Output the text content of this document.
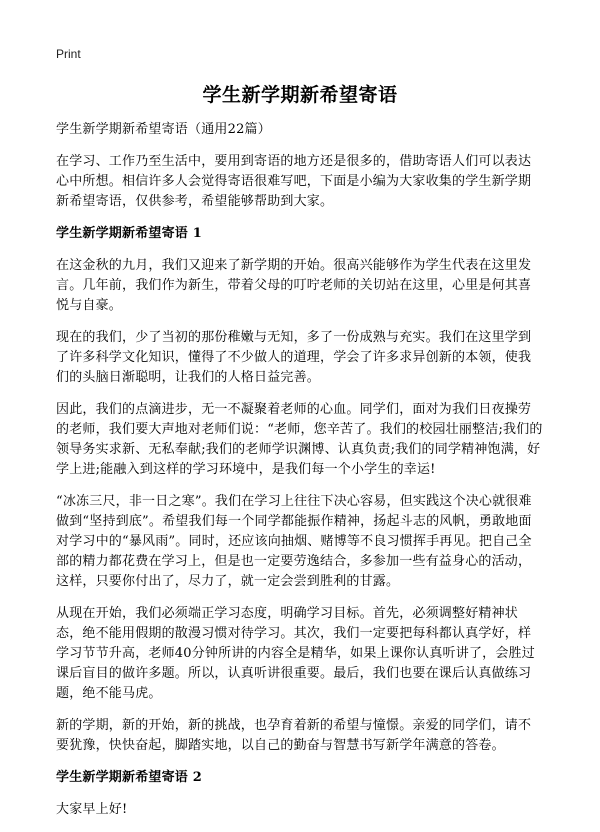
Print
学生新学期新希望寄语

学生新学期新希望寄语（通用22篇）

在学习、工作乃至生活中，要用到寄语的地方还是很多的，借助寄语人们可以表达心中所想。相信许多人会觉得寄语很难写吧，下面是小编为大家收集的学生新学期新希望寄语，仅供参考，希望能够帮助到大家。

学生新学期新希望寄语 1

在这金秋的九月，我们又迎来了新学期的开始。很高兴能够作为学生代表在这里发言。几年前，我们作为新生，带着父母的叮咛老师的关切站在这里，心里是何其喜悦与自豪。

现在的我们，少了当初的那份稚嫩与无知，多了一份成熟与充实。我们在这里学到了许多科学文化知识，懂得了不少做人的道理，学会了许多求异创新的本领，使我们的头脑日渐聪明，让我们的人格日益完善。

因此，我们的点滴进步，无一不凝聚着老师的心血。同学们，面对为我们日夜操劳的老师，我们要大声地对老师们说：“老师，您辛苦了。我们的校园壮丽整洁;我们的领导务实求新、无私奉献;我们的老师学识渊博、认真负责;我们的同学精神饱满，好学上进;能融入到这样的学习环境中，是我们每一个小学生的幸运!

“冰冻三尺，非一日之寒”。我们在学习上往往下决心容易，但实践这个决心就很难做到“坚持到底”。希望我们每一个同学都能振作精神，扬起斗志的风帆，勇敢地面对学习中的“暴风雨”。同时，还应该向抽烟、赌博等不良习惯挥手再见。把自己全部的精力都花费在学习上，但是也一定要劳逸结合，多参加一些有益身心的活动，这样，只要你付出了，尽力了，就一定会尝到胜利的甘露。

从现在开始，我们必须端正学习态度，明确学习目标。首先，必须调整好精神状态，绝不能用假期的散漫习惯对待学习。其次，我们一定要把每科都认真学好，样学习节节升高，老师40分钟所讲的内容全是精华，如果上课你认真听讲了，会胜过课后盲目的做许多题。所以，认真听讲很重要。最后，我们也要在课后认真做练习题，绝不能马虎。

新的学期，新的开始，新的挑战，也孕育着新的希望与憧憬。亲爱的同学们，请不要犹豫，快快奋起，脚踏实地，以自己的勤奋与智慧书写新学年满意的答卷。

学生新学期新希望寄语 2

大家早上好!
